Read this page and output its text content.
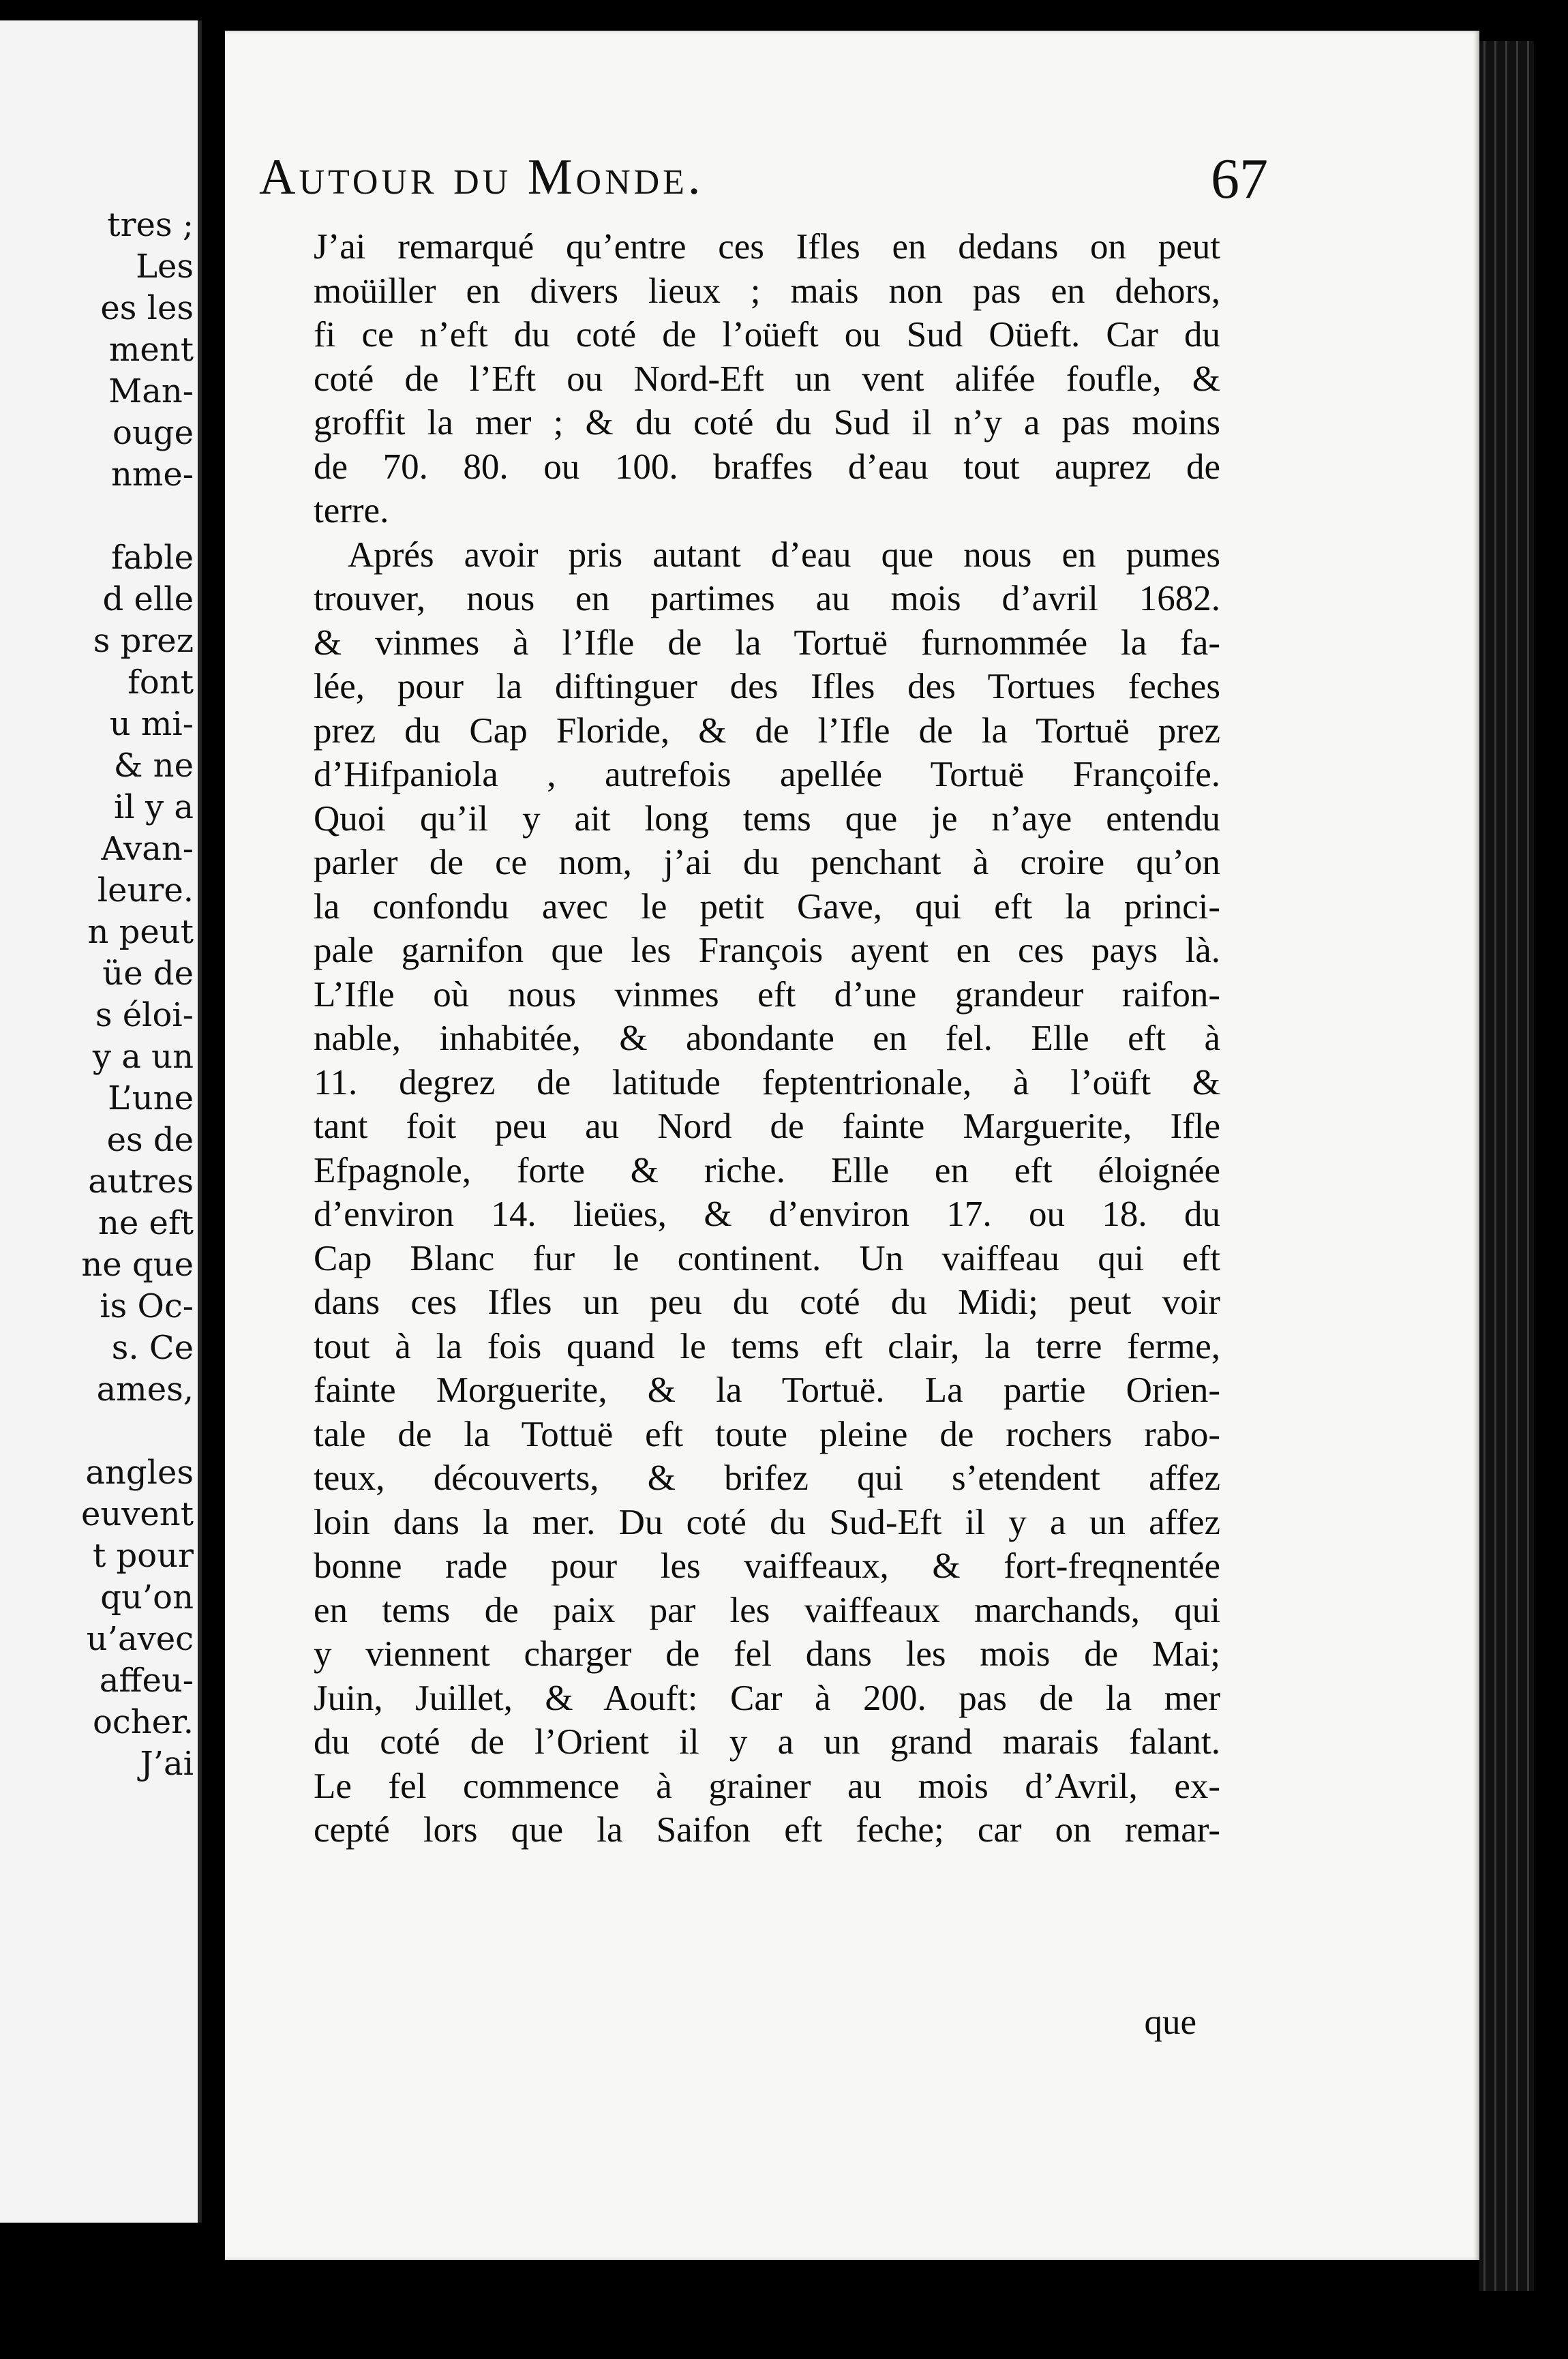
tres ;
Les
es les
ment
Man-
ouge
nme-
fable
d elle
s prez
font
u mi-
& ne
il y a
Avan-
leure.
n peut
üe de
s éloi-
y a un
L’une
es de
autres
ne eft
ne que
is Oc-
s. Ce
ames,
angles
euvent
t pour
qu’on
u’avec
affeu-
ocher.
J’ai
Autour du Monde.	67
J’ai remarqué qu’entre ces Ifles en dedans on peut
moüiller en divers lieux ; mais non pas en dehors,
fi ce n’eft du coté de l’oüeft ou Sud Oüeft. Car du
coté de l’Eft ou Nord-Eft un vent alifée foufle, &
groffit la mer ; & du coté du Sud il n’y a pas moins
de 70. 80. ou 100. braffes d’eau tout auprez de
terre.
Aprés avoir pris autant d’eau que nous en pumes
trouver, nous en partimes au mois d’avril 1682.
& vinmes à l’Ifle de la Tortuë furnommée la fa-
lée, pour la diftinguer des Ifles des Tortues feches
prez du Cap Floride, & de l’Ifle de la Tortuë prez
d’Hifpaniola , autrefois apellée Tortuë Françoife.
Quoi qu’il y ait long tems que je n’aye entendu
parler de ce nom, j’ai du penchant à croire qu’on
la confondu avec le petit Gave, qui eft la princi-
pale garnifon que les François ayent en ces pays là.
L’Ifle où nous vinmes eft d’une grandeur raifon-
nable, inhabitée, & abondante en fel. Elle eft à
11. degrez de latitude feptentrionale, à l’oüft &
tant foit peu au Nord de fainte Marguerite, Ifle
Efpagnole, forte & riche. Elle en eft éloignée
d’environ 14. lieües, & d’environ 17. ou 18. du
Cap Blanc fur le continent. Un vaiffeau qui eft
dans ces Ifles un peu du coté du Midi; peut voir
tout à la fois quand le tems eft clair, la terre ferme,
fainte Morguerite, & la Tortuë. La partie Orien-
tale de la Tottuë eft toute pleine de rochers rabo-
teux, découverts, & brifez qui s’etendent affez
loin dans la mer. Du coté du Sud-Eft il y a un affez
bonne rade pour les vaiffeaux, & fort-freqnentée
en tems de paix par les vaiffeaux marchands, qui
y viennent charger de fel dans les mois de Mai;
Juin, Juillet, & Aouft: Car à 200. pas de la mer
du coté de l’Orient il y a un grand marais falant.
Le fel commence à grainer au mois d’Avril, ex-
cepté lors que la Saifon eft feche; car on remar-
que
